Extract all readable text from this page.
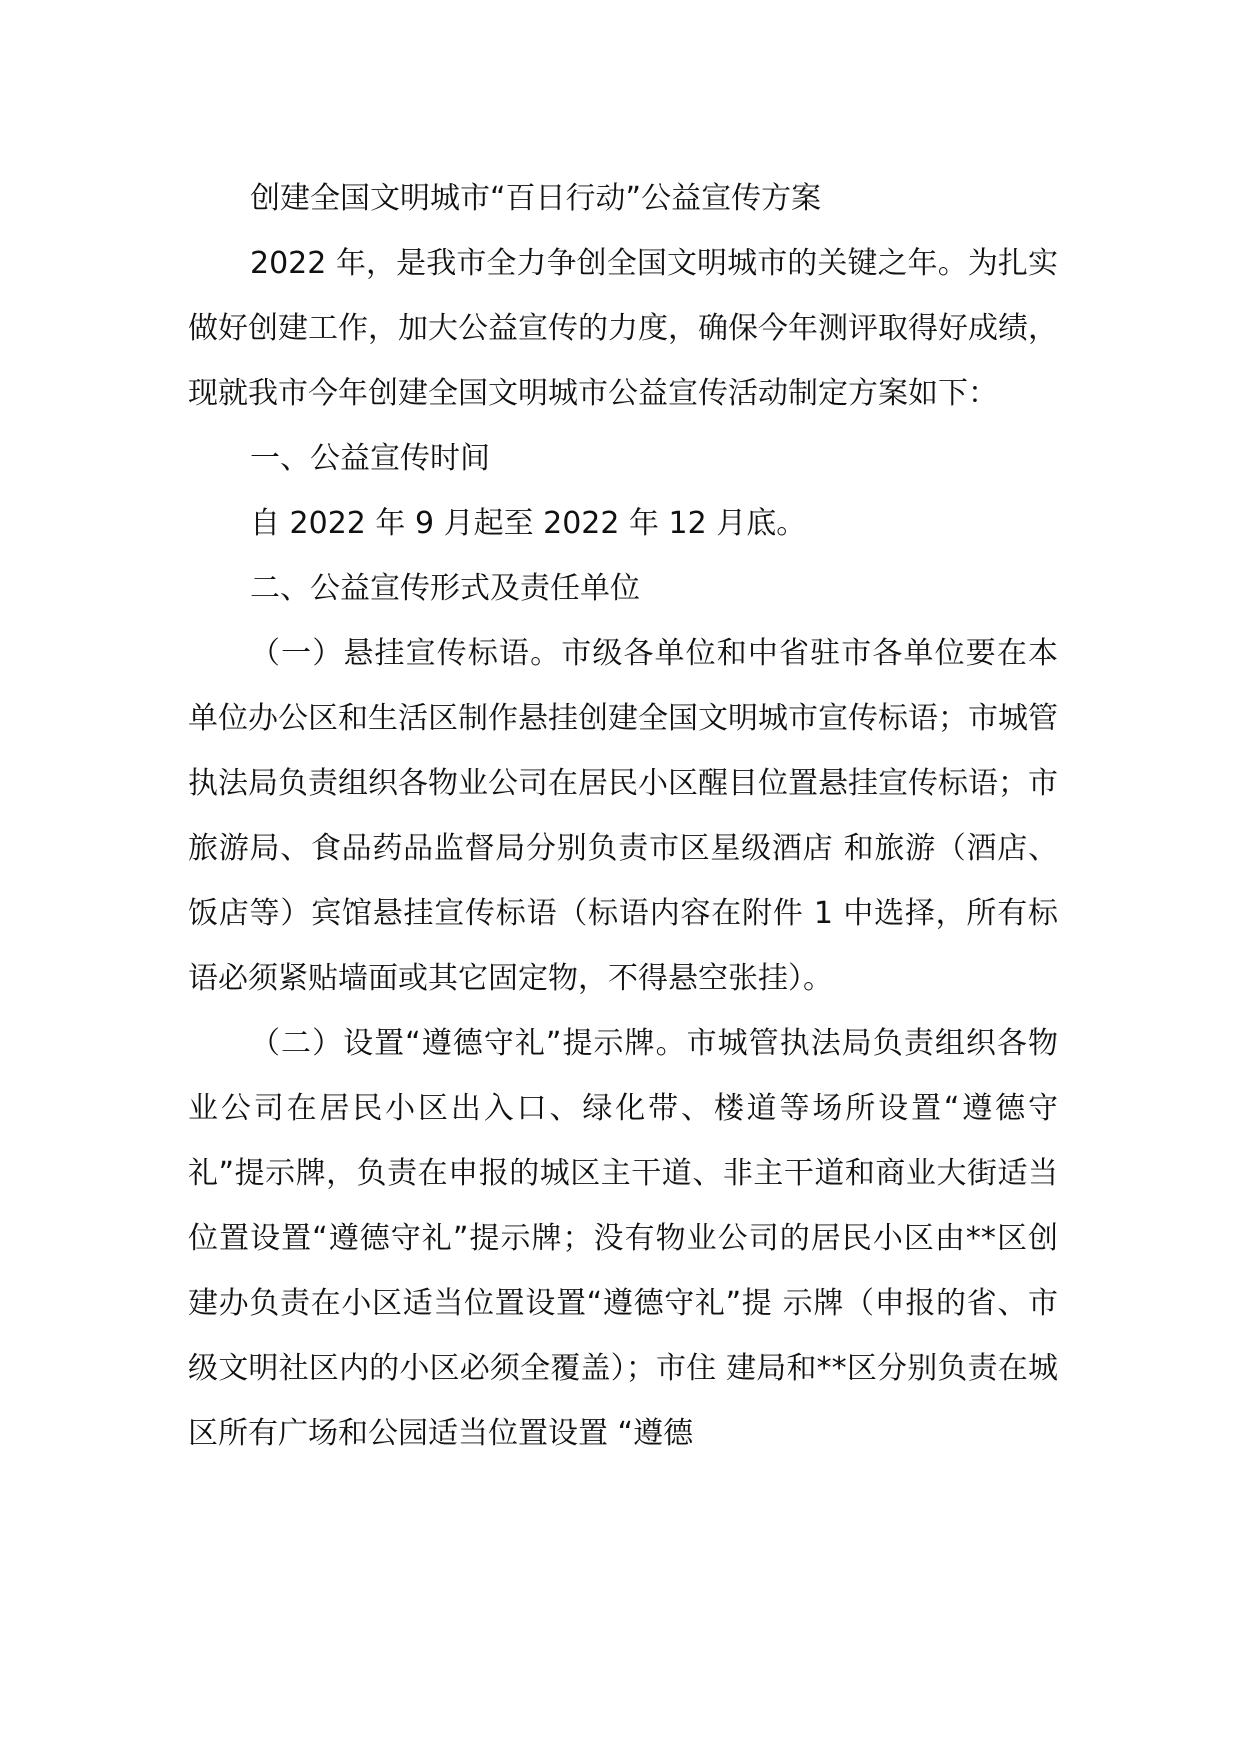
创建全国文明城市“百日行动”公益宣传方案

2022 年，是我市全力争创全国文明城市的关键之年。为扎实做好创建工作，加大公益宣传的力度，确保今年测评取得好成绩，现就我市今年创建全国文明城市公益宣传活动制定方案如下：

一、公益宣传时间

自 2022 年 9 月起至 2022 年 12 月底。

二、公益宣传形式及责任单位

（一）悬挂宣传标语。市级各单位和中省驻市各单位要在本单位办公区和生活区制作悬挂创建全国文明城市宣传标语；市城管执法局负责组织各物业公司在居民小区醒目位置悬挂宣传标语；市旅游局、食品药品监督局分别负责市区星级酒店 和旅游（酒店、饭店等）宾馆悬挂宣传标语（标语内容在附件 1 中选择，所有标语必须紧贴墙面或其它固定物，不得悬空张挂）。

（二）设置“遵德守礼”提示牌。市城管执法局负责组织各物业公司在居民小区出入口、绿化带、楼道等场所设置“遵德守礼”提示牌，负责在申报的城区主干道、非主干道和商业大街适当位置设置“遵德守礼”提示牌；没有物业公司的居民小区由**区创建办负责在小区适当位置设置“遵德守礼”提 示牌（申报的省、市级文明社区内的小区必须全覆盖）；市住 建局和**区分别负责在城区所有广场和公园适当位置设置 “遵德
